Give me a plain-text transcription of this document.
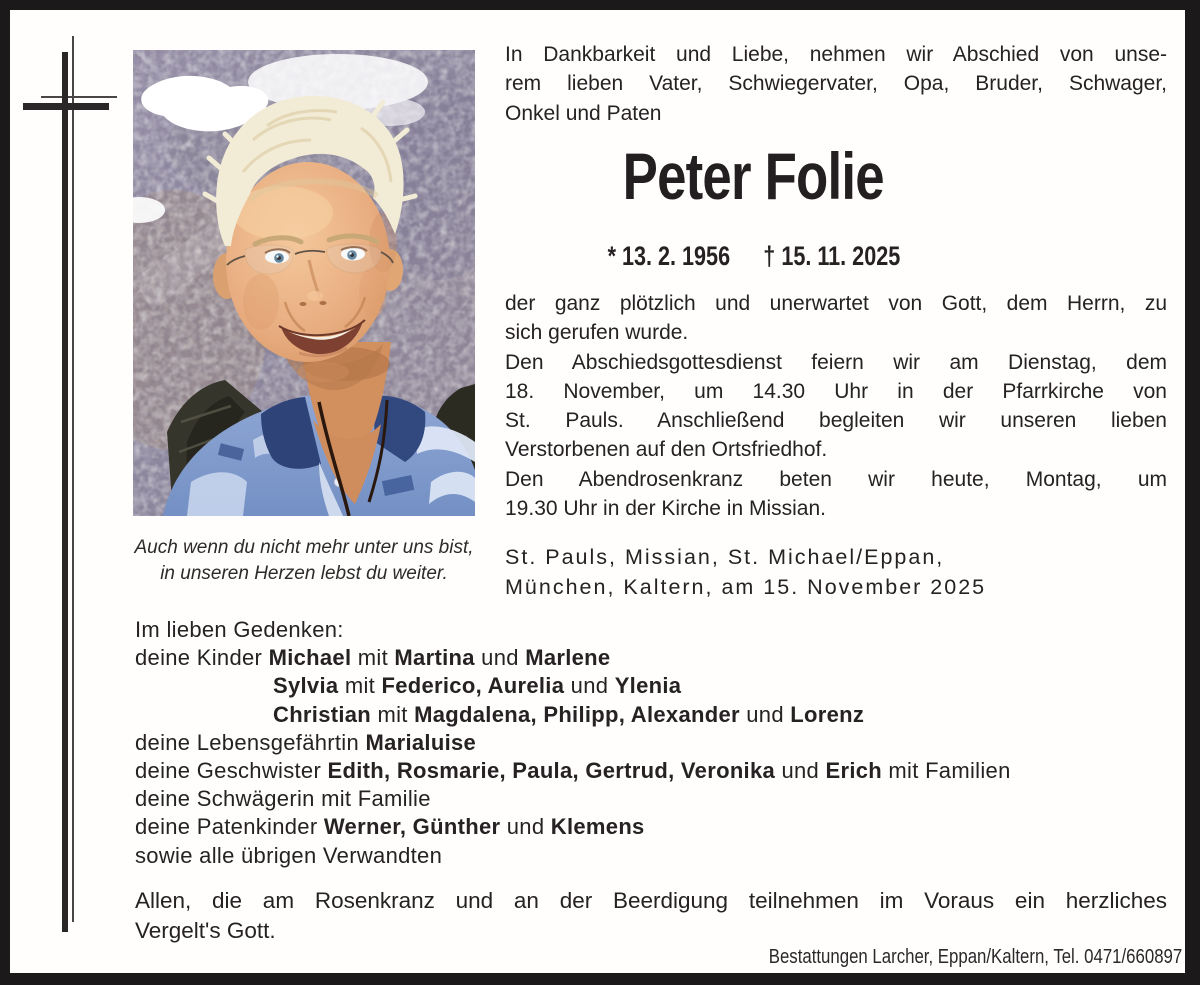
Auch wenn du nicht mehr unter uns bist,
in unseren Herzen lebst du weiter.
In Dankbarkeit und Liebe, nehmen wir Abschied von unse-
rem lieben Vater, Schwiegervater, Opa, Bruder, Schwager,
Onkel und Paten
Peter Folie
* 13. 2. 1956 † 15. 11. 2025
der ganz plötzlich und unerwartet von Gott, dem Herrn, zu
sich gerufen wurde.
Den Abschiedsgottesdienst feiern wir am Dienstag, dem
18. November, um 14.30 Uhr in der Pfarrkirche von
St. Pauls. Anschließend begleiten wir unseren lieben
Verstorbenen auf den Ortsfriedhof.
Den Abendrosenkranz beten wir heute, Montag, um
19.30 Uhr in der Kirche in Missian.
St. Pauls, Missian, St. Michael/Eppan,
München, Kaltern, am 15. November 2025
Im lieben Gedenken:
deine Kinder Michael mit Martina und Marlene
Sylvia mit Federico, Aurelia und Ylenia
Christian mit Magdalena, Philipp, Alexander und Lorenz
deine Lebensgefährtin Marialuise
deine Geschwister Edith, Rosmarie, Paula, Gertrud, Veronika und Erich mit Familien
deine Schwägerin mit Familie
deine Patenkinder Werner, Günther und Klemens
sowie alle übrigen Verwandten
Allen, die am Rosenkranz und an der Beerdigung teilnehmen im Voraus ein herzliches
Vergelt's Gott.
Bestattungen Larcher, Eppan/Kaltern, Tel. 0471/660897
